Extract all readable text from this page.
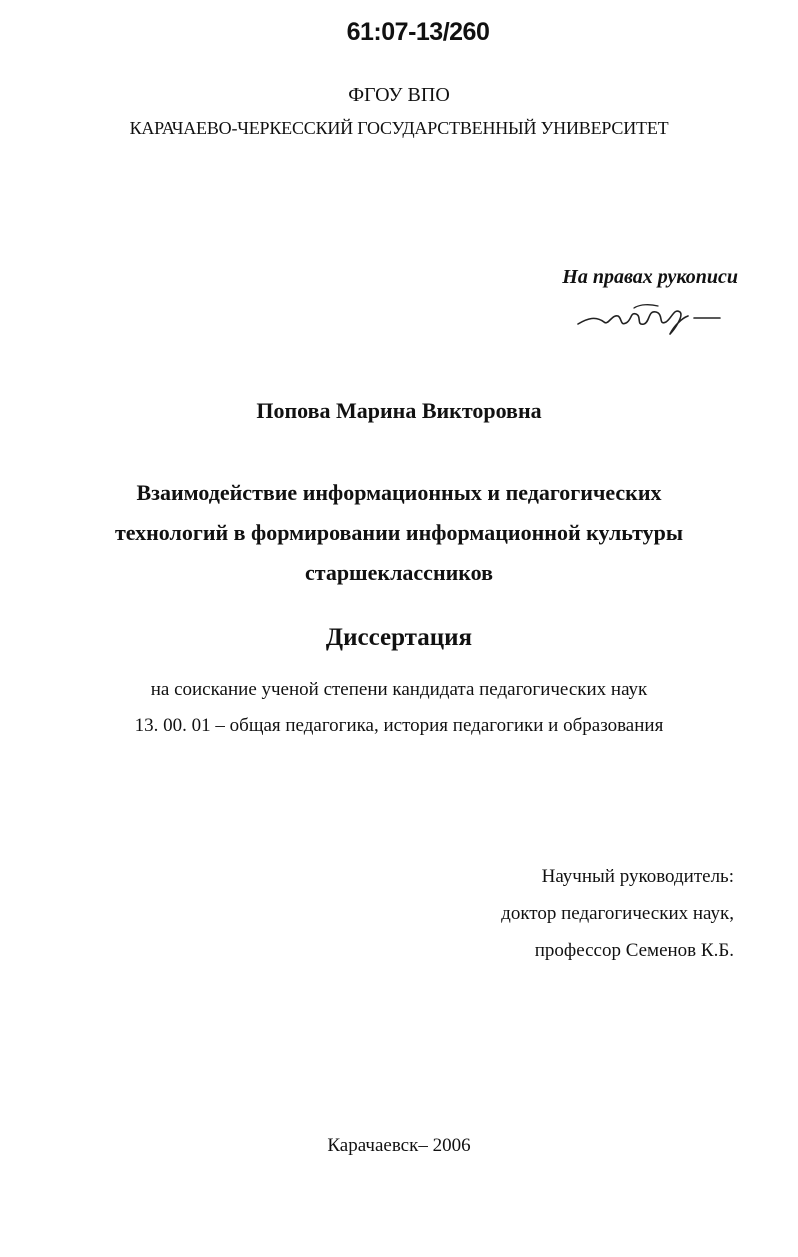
61:07-13/260
ФГОУ ВПО
КАРАЧАЕВО-ЧЕРКЕССКИЙ ГОСУДАРСТВЕННЫЙ УНИВЕРСИТЕТ
На правах рукописи
Попова Марина Викторовна
Взаимодействие информационных и педагогических
технологий в формировании информационной культуры
старшеклассников
Диссертация
на соискание ученой степени кандидата педагогических наук
13. 00. 01 – общая педагогика, история педагогики и образования
Научный руководитель:
доктор педагогических наук,
профессор Семенов К.Б.
Карачаевск– 2006
